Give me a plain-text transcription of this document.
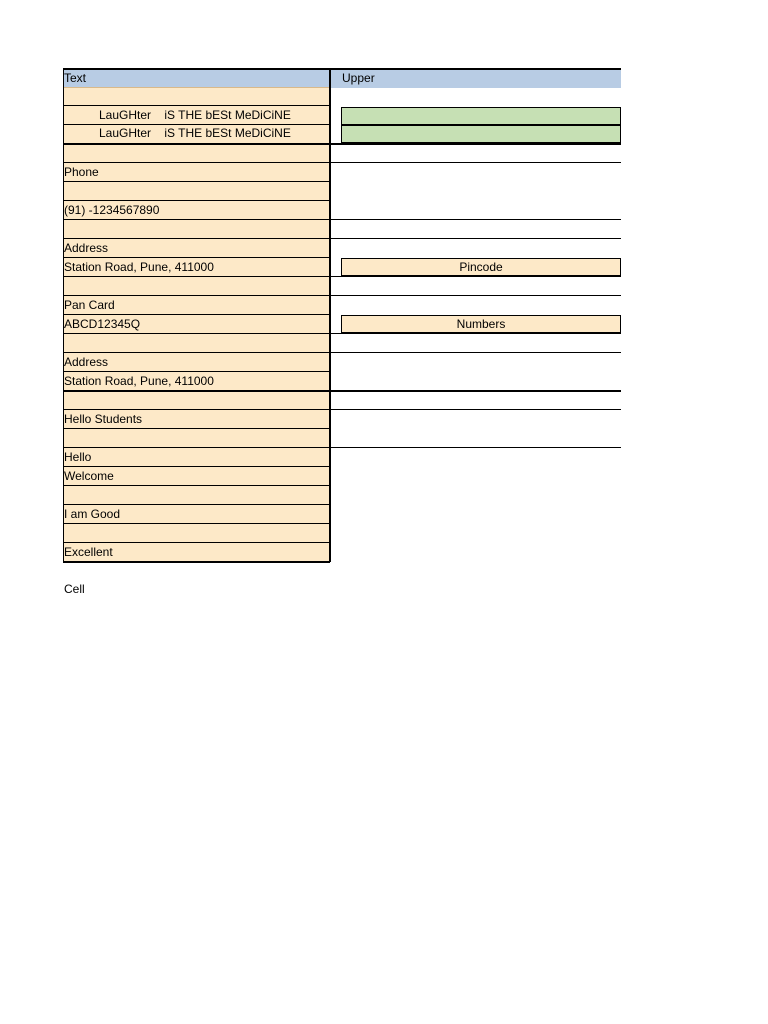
Text	Upper
LauGHter    iS THE bESt MeDiCiNE
LauGHter    iS THE bESt MeDiCiNE
Phone
(91) -1234567890
Address
Station Road, Pune, 411000
Pan Card
ABCD12345Q
Address
Station Road, Pune, 411000
Hello Students
Hello
Welcome
I am Good
Excellent
Pincode
Numbers
Cell
